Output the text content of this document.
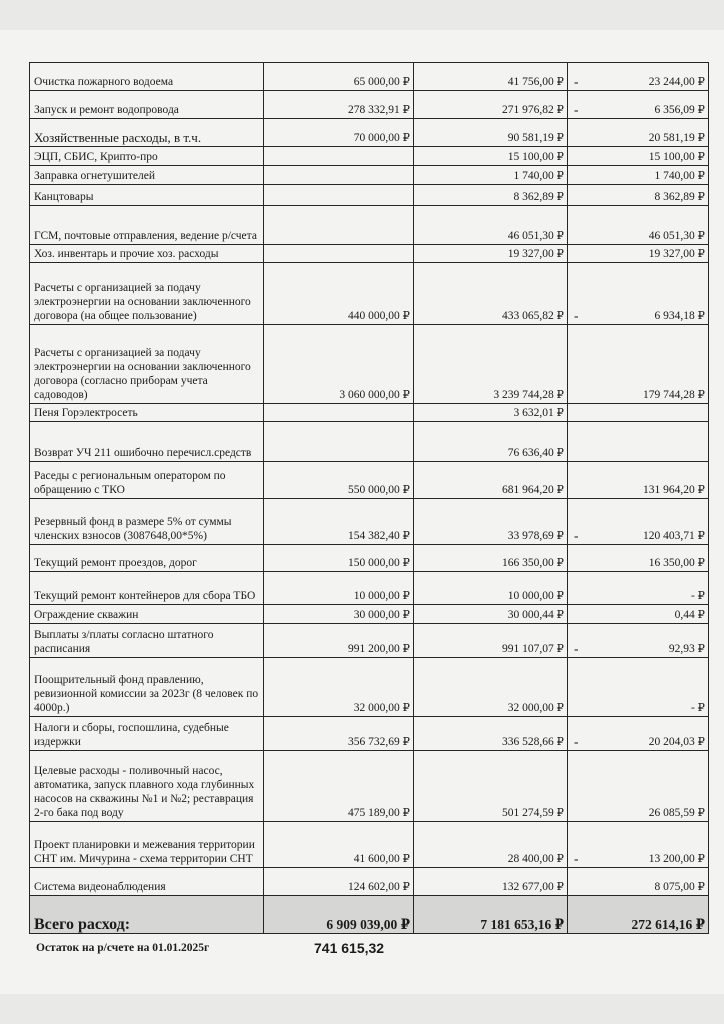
Очистка пожарного водоема	65 000,00 ₽	41 756,00 ₽	- 23 244,00 ₽
Запуск и ремонт водопровода	278 332,91 ₽	271 976,82 ₽	- 6 356,09 ₽
Хозяйственные расходы, в т.ч.	70 000,00 ₽	90 581,19 ₽	20 581,19 ₽
ЭЦП, СБИС, Крипто-про		15 100,00 ₽	15 100,00 ₽
Заправка огнетушителей		1 740,00 ₽	1 740,00 ₽
Канцтовары		8 362,89 ₽	8 362,89 ₽
ГСМ, почтовые отправления, ведение р/счета		46 051,30 ₽	46 051,30 ₽
Хоз. инвентарь и прочие хоз. расходы		19 327,00 ₽	19 327,00 ₽
Расчеты с организацией за подачу электроэнергии на основании заключенного договора (на общее пользование)	440 000,00 ₽	433 065,82 ₽	- 6 934,18 ₽
Расчеты с организацией за подачу электроэнергии на основании заключенного договора (согласно приборам учета садоводов)	3 060 000,00 ₽	3 239 744,28 ₽	179 744,28 ₽
Пеня Горэлектросеть		3 632,01 ₽	
Возврат УЧ 211 ошибочно перечисл.средств		76 636,40 ₽	
Раседы с региональным оператором по обращению с ТКО	550 000,00 ₽	681 964,20 ₽	131 964,20 ₽
Резервный фонд в размере 5% от суммы членских взносов (3087648,00*5%)	154 382,40 ₽	33 978,69 ₽	- 120 403,71 ₽
Текущий ремонт проездов, дорог	150 000,00 ₽	166 350,00 ₽	16 350,00 ₽
Текущий ремонт контейнеров для сбора ТБО	10 000,00 ₽	10 000,00 ₽	- ₽
Ограждение скважин	30 000,00 ₽	30 000,44 ₽	0,44 ₽
Выплаты з/платы согласно штатного расписания	991 200,00 ₽	991 107,07 ₽	- 92,93 ₽
Поощрительный фонд правлению, ревизионной комиссии за 2023г (8 человек по 4000р.)	32 000,00 ₽	32 000,00 ₽	- ₽
Налоги и сборы, госпошлина, судебные издержки	356 732,69 ₽	336 528,66 ₽	- 20 204,03 ₽
Целевые расходы - поливочный насос, автоматика, запуск плавного хода глубинных насосов на скважины №1 и №2; реставрация 2-го бака под воду	475 189,00 ₽	501 274,59 ₽	26 085,59 ₽
Проект планировки и межевания территории СНТ им. Мичурина - схема территории СНТ	41 600,00 ₽	28 400,00 ₽	- 13 200,00 ₽
Система видеонаблюдения	124 602,00 ₽	132 677,00 ₽	8 075,00 ₽
Всего расход:	6 909 039,00 ₽	7 181 653,16 ₽	272 614,16 ₽
Остаток на р/счете на 01.01.2025г	741 615,32
